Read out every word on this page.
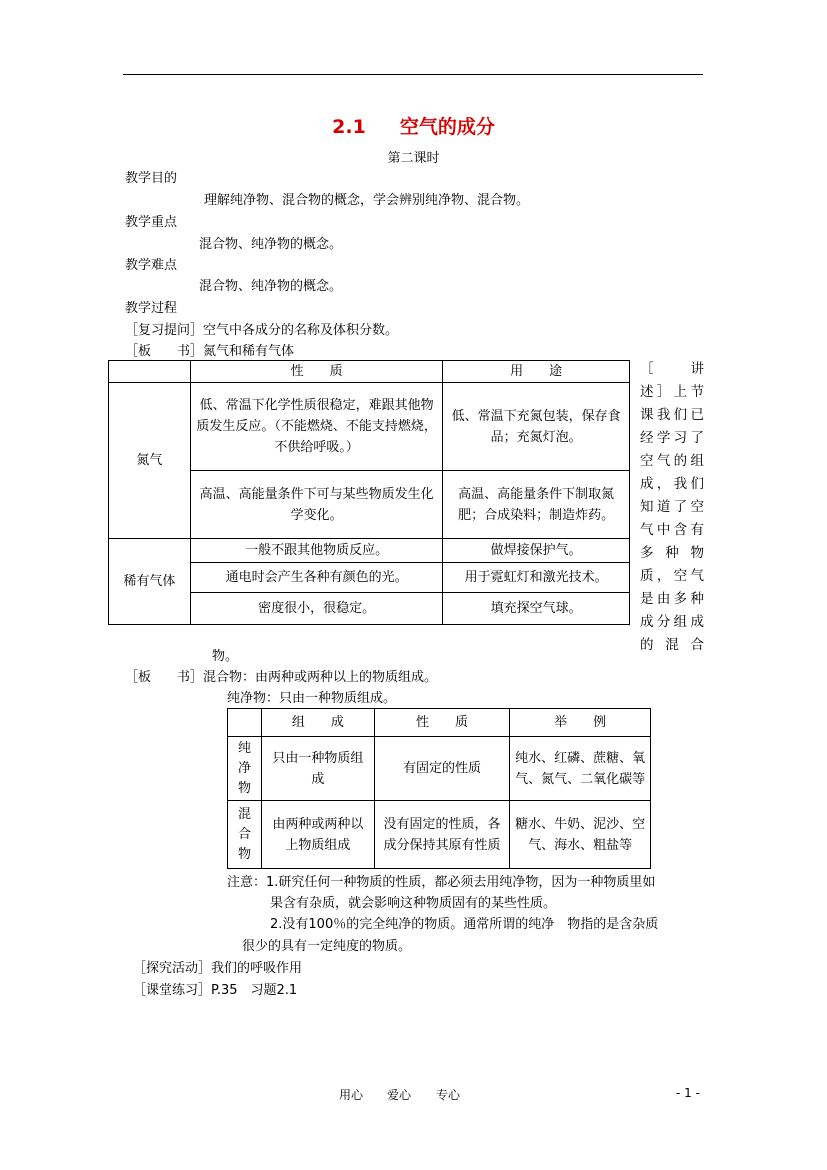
2.1 空气的成分
第二课时
教学目的
理解纯净物、混合物的概念，学会辨别纯净物、混合物。
教学重点
混合物、纯净物的概念。
教学难点
混合物、纯净物的概念。
教学过程
［复习提问］空气中各成分的名称及体积分数。
［板　　书］氮气和稀有气体
	性　　质	用　　途
氮气	低、常温下化学性质很稳定，难跟其他物质发生反应。（不能燃烧、不能支持燃烧，不供给呼吸。）	低、常温下充氮包装，保存食品；充氮灯泡。
	高温、高能量条件下可与某些物质发生化学变化。	高温、高能量条件下制取氮肥；合成染料；制造炸药。
稀有气体	一般不跟其他物质反应。	做焊接保护气。
	通电时会产生各种有颜色的光。	用于霓虹灯和激光技术。
	密度很小，很稳定。	填充探空气球。
［　讲
述］上节
课我们已
经学习了
空气的组
成，我们
知道了空
气中含有
多种物
质，空气
是由多种
成分组成
的混合
物。
［板　　书］混合物：由两种或两种以上的物质组成。
纯净物：只由一种物质组成。
	组　　成	性　　质	举　　例
纯净物	只由一种物质组成	有固定的性质	纯水、红磷、蔗糖、氧气、氮气、二氧化碳等
混合物	由两种或两种以上物质组成	没有固定的性质，各成分保持其原有性质	糖水、牛奶、泥沙、空气、海水、粗盐等
注意：1.研究任何一种物质的性质，都必须去用纯净物，因为一种物质里如
果含有杂质，就会影响这种物质固有的某些性质。
2.没有100％的完全纯净的物质。通常所谓的纯净　物指的是含杂质
很少的具有一定纯度的物质。
［探究活动］我们的呼吸作用
［课堂练习］P.35　习题2.1
用心 爱心 专心	- 1 -
